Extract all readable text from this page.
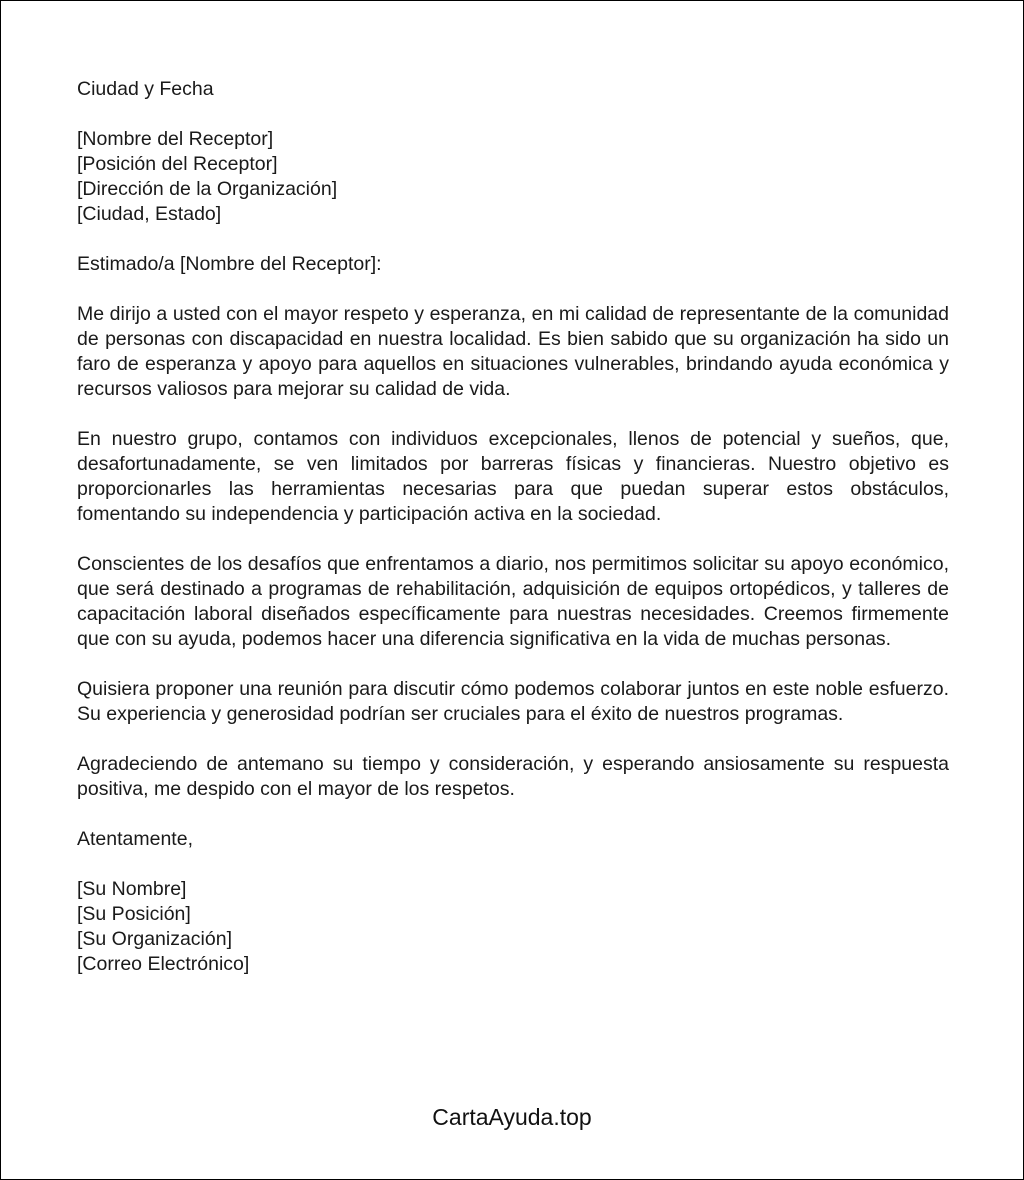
Ciudad y Fecha
[Nombre del Receptor]
[Posición del Receptor]
[Dirección de la Organización]
[Ciudad, Estado]
Estimado/a [Nombre del Receptor]:

Me dirijo a usted con el mayor respeto y esperanza, en mi calidad de representante de la comunidad de personas con discapacidad en nuestra localidad. Es bien sabido que su organización ha sido un faro de esperanza y apoyo para aquellos en situaciones vulnerables, brindando ayuda económica y recursos valiosos para mejorar su calidad de vida.

En nuestro grupo, contamos con individuos excepcionales, llenos de potencial y sueños, que, desafortunadamente, se ven limitados por barreras físicas y financieras. Nuestro objetivo es proporcionarles las herramientas necesarias para que puedan superar estos obstáculos, fomentando su independencia y participación activa en la sociedad.

Conscientes de los desafíos que enfrentamos a diario, nos permitimos solicitar su apoyo económico, que será destinado a programas de rehabilitación, adquisición de equipos ortopédicos, y talleres de capacitación laboral diseñados específicamente para nuestras necesidades. Creemos firmemente que con su ayuda, podemos hacer una diferencia significativa en la vida de muchas personas.

Quisiera proponer una reunión para discutir cómo podemos colaborar juntos en este noble esfuerzo. Su experiencia y generosidad podrían ser cruciales para el éxito de nuestros programas.

Agradeciendo de antemano su tiempo y consideración, y esperando ansiosamente su respuesta positiva, me despido con el mayor de los respetos.

Atentamente,
[Su Nombre]
[Su Posición]
[Su Organización]
[Correo Electrónico]
CartaAyuda.top
